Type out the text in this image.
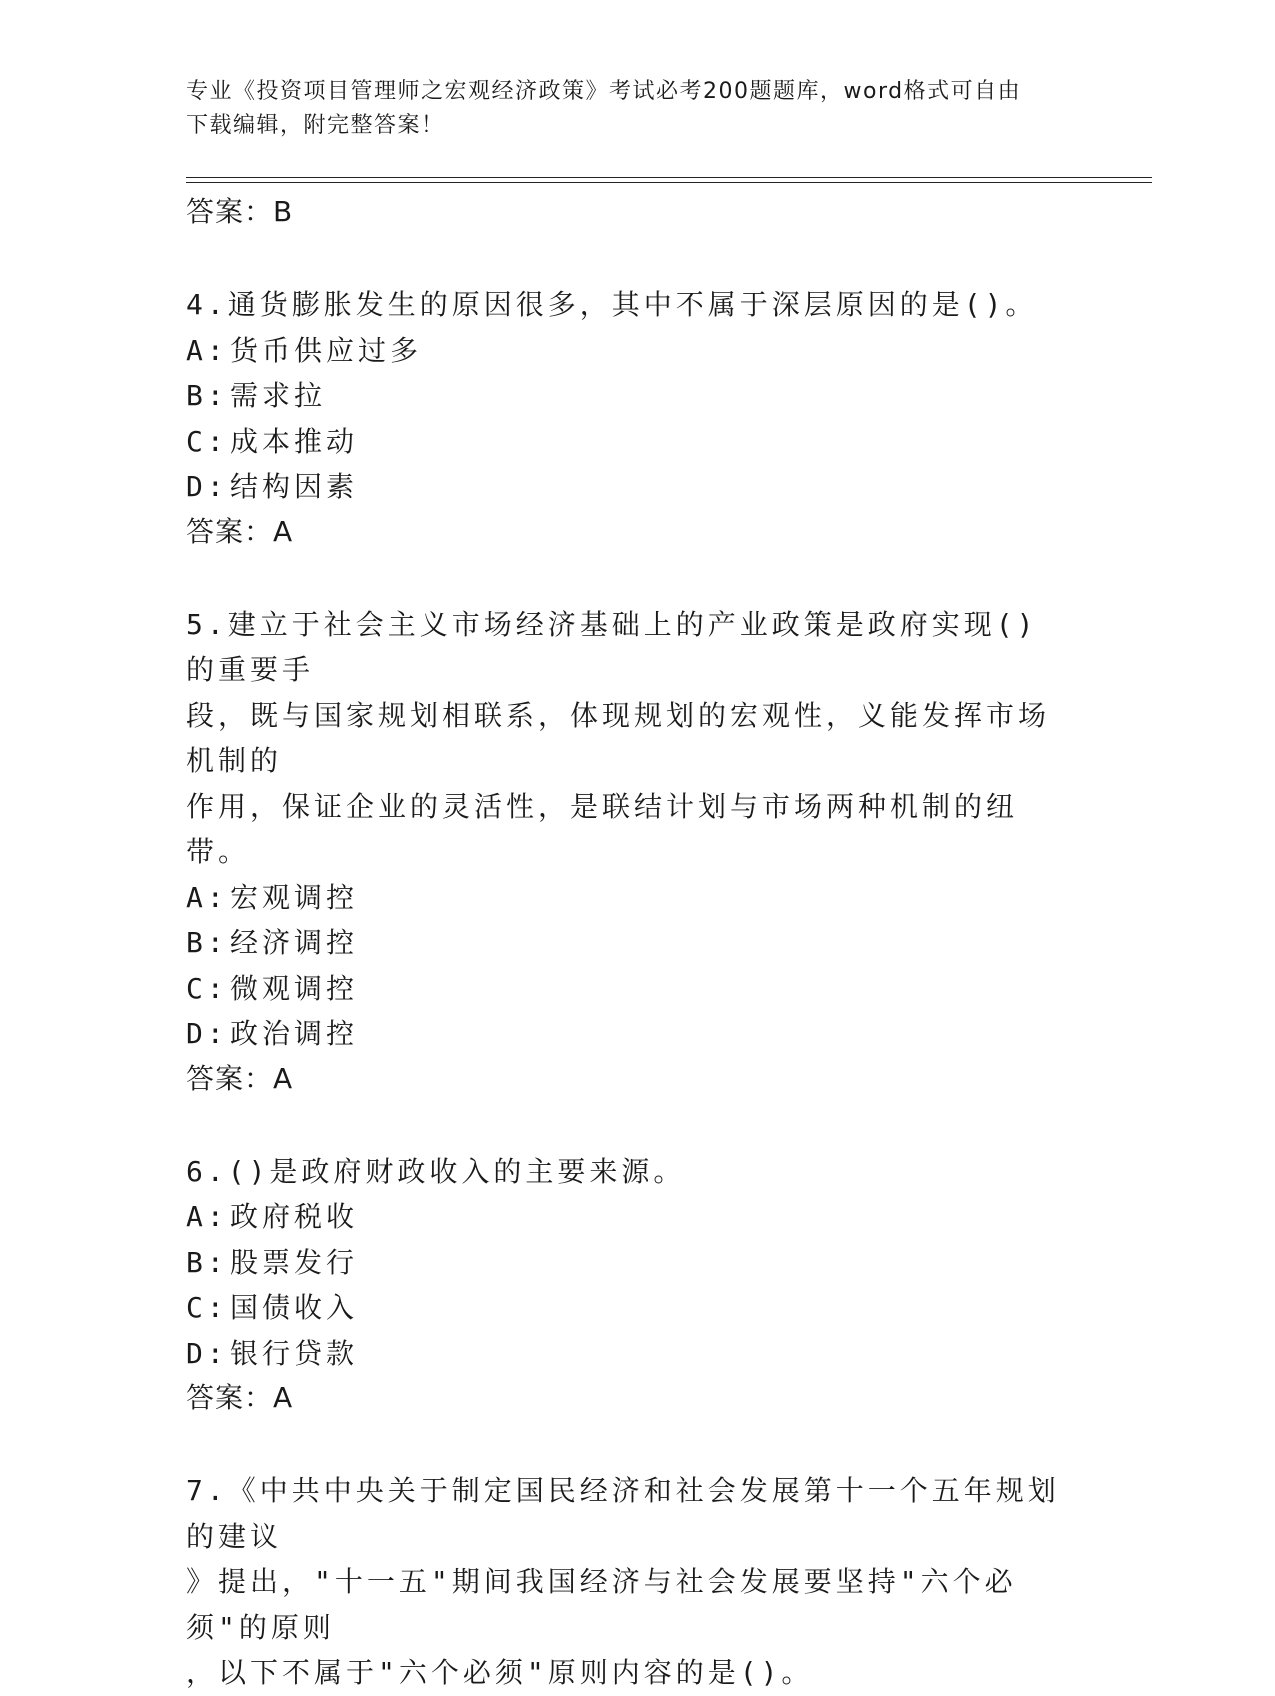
专业《投资项目管理师之宏观经济政策》考试必考200题题库，word格式可自由
下载编辑，附完整答案！
答案：B
4.通货膨胀发生的原因很多，其中不属于深层原因的是()。
A:货币供应过多
B:需求拉
C:成本推动
D:结构因素
答案：A
5.建立于社会主义市场经济基础上的产业政策是政府实现()的重要手
段，既与国家规划相联系，体现规划的宏观性，义能发挥市场机制的
作用，保证企业的灵活性，是联结计划与市场两种机制的纽带。
A:宏观调控
B:经济调控
C:微观调控
D:政治调控
答案：A
6.()是政府财政收入的主要来源。
A:政府税收
B:股票发行
C:国债收入
D:银行贷款
答案：A
7.《中共中央关于制定国民经济和社会发展第十一个五年规划的建议
》提出，"十一五"期间我国经济与社会发展要坚持"六个必须"的原则
，以下不属于"六个必须"原则内容的是()。
